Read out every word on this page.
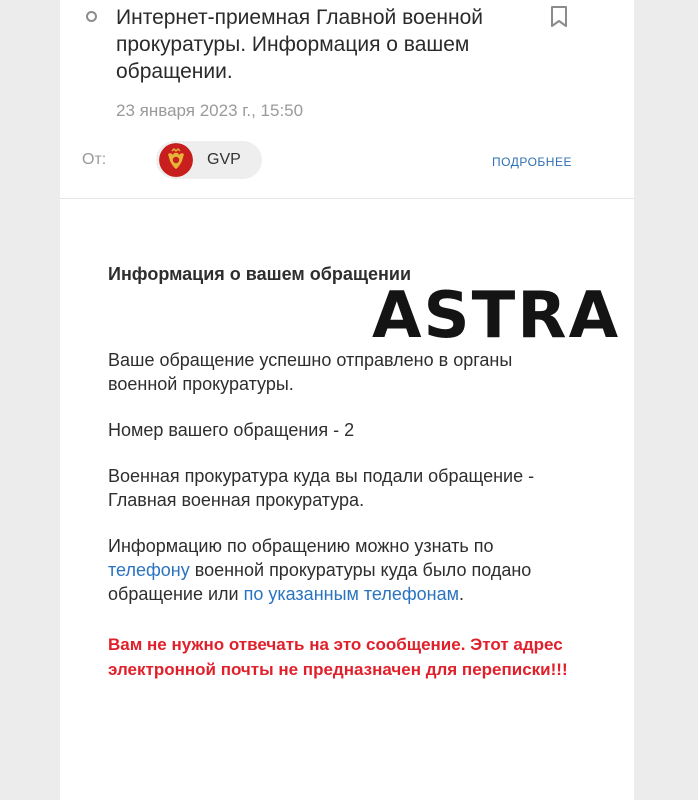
Интернет-приемная Главной военной прокуратуры. Информация о вашем обращении.
23 января 2023 г., 15:50
От:	GVP	ПОДРОБНЕЕ
Информация о вашем обращении
Ваше обращение успешно отправлено в органы военной прокуратуры.
Номер вашего обращения - 2
Военная прокуратура куда вы подали обращение - Главная военная прокуратура.
Информацию по обращению можно узнать по телефону военной прокуратуры куда было подано обращение или по указанным телефонам.
Вам не нужно отвечать на это сообщение. Этот адрес электронной почты не предназначен для переписки!!!
ASTRA
